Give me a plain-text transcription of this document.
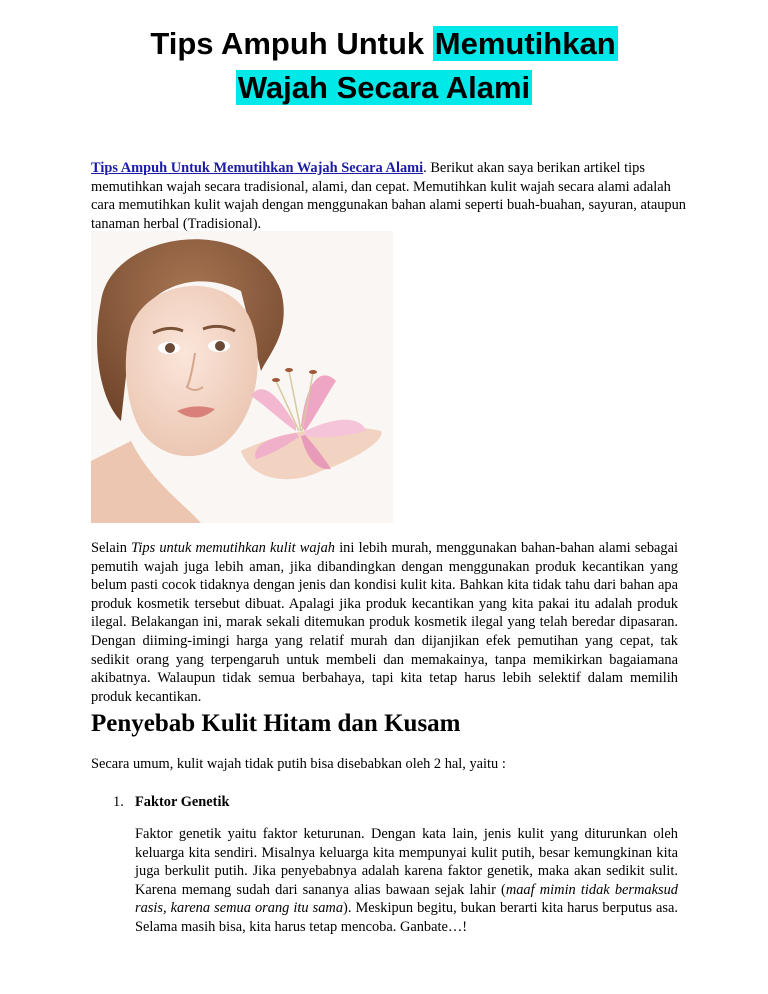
Tips Ampuh Untuk Memutihkan
Wajah Secara Alami
Tips Ampuh Untuk Memutihkan Wajah Secara Alami. Berikut akan saya berikan artikel tips memutihkan wajah secara tradisional, alami, dan cepat. Memutihkan kulit wajah secara alami adalah cara memutihkan kulit wajah dengan menggunakan bahan alami seperti buah-buahan, sayuran, ataupun tanaman herbal (Tradisional).
Selain Tips untuk memutihkan kulit wajah ini lebih murah, menggunakan bahan-bahan alami sebagai pemutih wajah juga lebih aman, jika dibandingkan dengan menggunakan produk kecantikan yang belum pasti cocok tidaknya dengan jenis dan kondisi kulit kita. Bahkan kita tidak tahu dari bahan apa produk kosmetik tersebut dibuat. Apalagi jika produk kecantikan yang kita pakai itu adalah produk ilegal. Belakangan ini, marak sekali ditemukan produk kosmetik ilegal yang telah beredar dipasaran. Dengan diiming-imingi harga yang relatif murah dan dijanjikan efek pemutihan yang cepat, tak sedikit orang yang terpengaruh untuk membeli dan memakainya, tanpa memikirkan bagaiamana akibatnya. Walaupun tidak semua berbahaya, tapi kita tetap harus lebih selektif dalam memilih produk kecantikan.
Penyebab Kulit Hitam dan Kusam
Secara umum, kulit wajah tidak putih bisa disebabkan oleh 2 hal, yaitu :
1. Faktor Genetik
Faktor genetik yaitu faktor keturunan. Dengan kata lain, jenis kulit yang diturunkan oleh keluarga kita sendiri. Misalnya keluarga kita mempunyai kulit putih, besar kemungkinan kita juga berkulit putih. Jika penyebabnya adalah karena faktor genetik, maka akan sedikit sulit. Karena memang sudah dari sananya alias bawaan sejak lahir (maaf mimin tidak bermaksud rasis, karena semua orang itu sama). Meskipun begitu, bukan berarti kita harus berputus asa. Selama masih bisa, kita harus tetap mencoba. Ganbate…!
